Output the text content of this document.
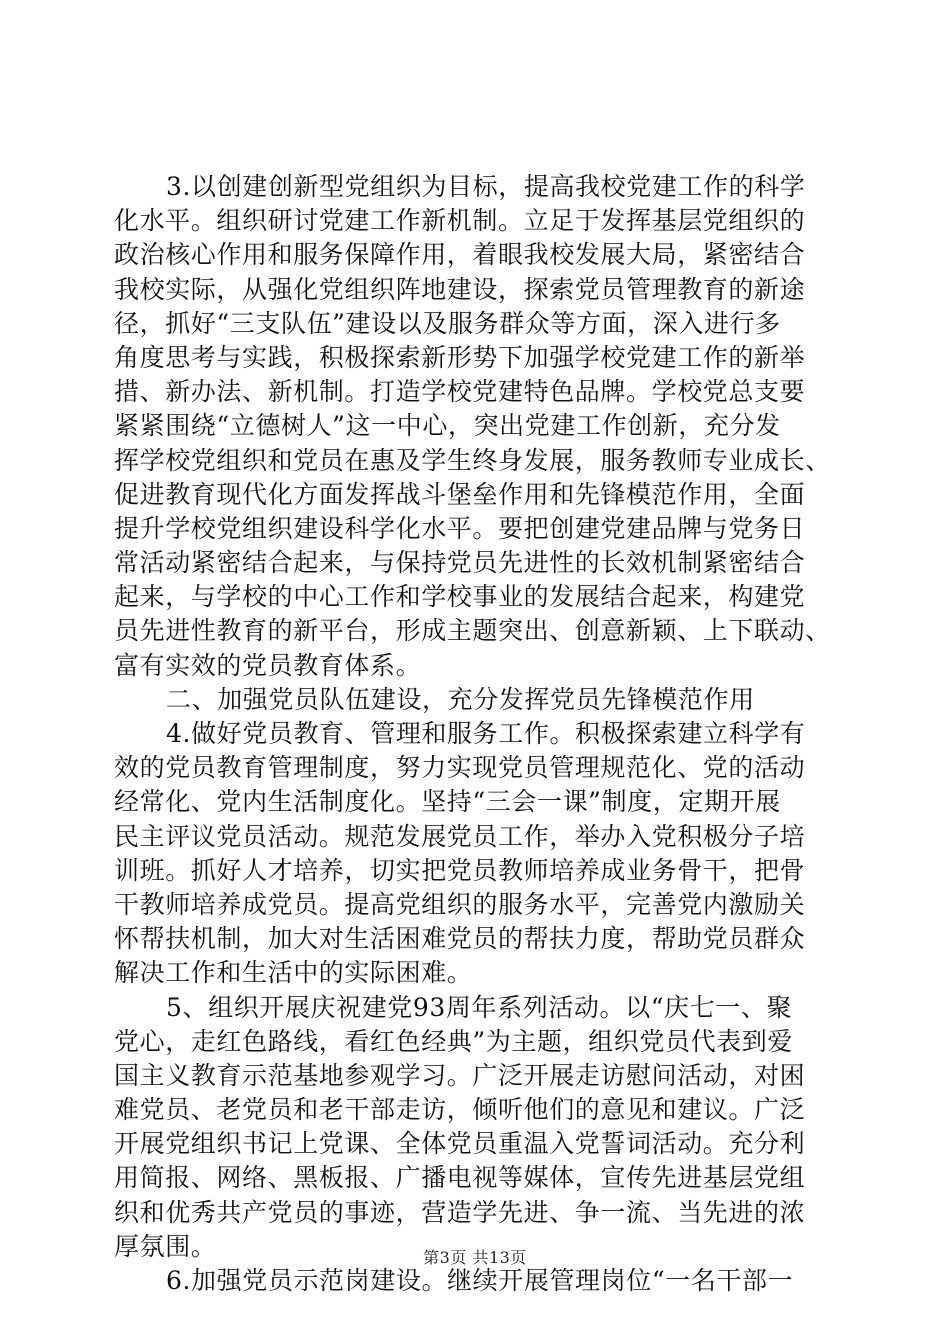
3.以创建创新型党组织为目标，提高我校党建工作的科学
化水平。组织研讨党建工作新机制。立足于发挥基层党组织的
政治核心作用和服务保障作用，着眼我校发展大局，紧密结合
我校实际，从强化党组织阵地建设，探索党员管理教育的新途
径，抓好“三支队伍”建设以及服务群众等方面，深入进行多
角度思考与实践，积极探索新形势下加强学校党建工作的新举
措、新办法、新机制。打造学校党建特色品牌。学校党总支要
紧紧围绕“立德树人”这一中心，突出党建工作创新，充分发
挥学校党组织和党员在惠及学生终身发展，服务教师专业成长、
促进教育现代化方面发挥战斗堡垒作用和先锋模范作用，全面
提升学校党组织建设科学化水平。要把创建党建品牌与党务日
常活动紧密结合起来，与保持党员先进性的长效机制紧密结合
起来，与学校的中心工作和学校事业的发展结合起来，构建党
员先进性教育的新平台，形成主题突出、创意新颖、上下联动、
富有实效的党员教育体系。
二、加强党员队伍建设，充分发挥党员先锋模范作用
4.做好党员教育、管理和服务工作。积极探索建立科学有
效的党员教育管理制度，努力实现党员管理规范化、党的活动
经常化、党内生活制度化。坚持“三会一课”制度，定期开展
民主评议党员活动。规范发展党员工作，举办入党积极分子培
训班。抓好人才培养，切实把党员教师培养成业务骨干，把骨
干教师培养成党员。提高党组织的服务水平，完善党内激励关
怀帮扶机制，加大对生活困难党员的帮扶力度，帮助党员群众
解决工作和生活中的实际困难。
5、组织开展庆祝建党93周年系列活动。以“庆七一、聚
党心，走红色路线，看红色经典”为主题，组织党员代表到爱
国主义教育示范基地参观学习。广泛开展走访慰问活动，对困
难党员、老党员和老干部走访，倾听他们的意见和建议。广泛
开展党组织书记上党课、全体党员重温入党誓词活动。充分利
用简报、网络、黑板报、广播电视等媒体，宣传先进基层党组
织和优秀共产党员的事迹，营造学先进、争一流、当先进的浓
厚氛围。
6.加强党员示范岗建设。继续开展管理岗位“一名干部一
第3页 共13页
